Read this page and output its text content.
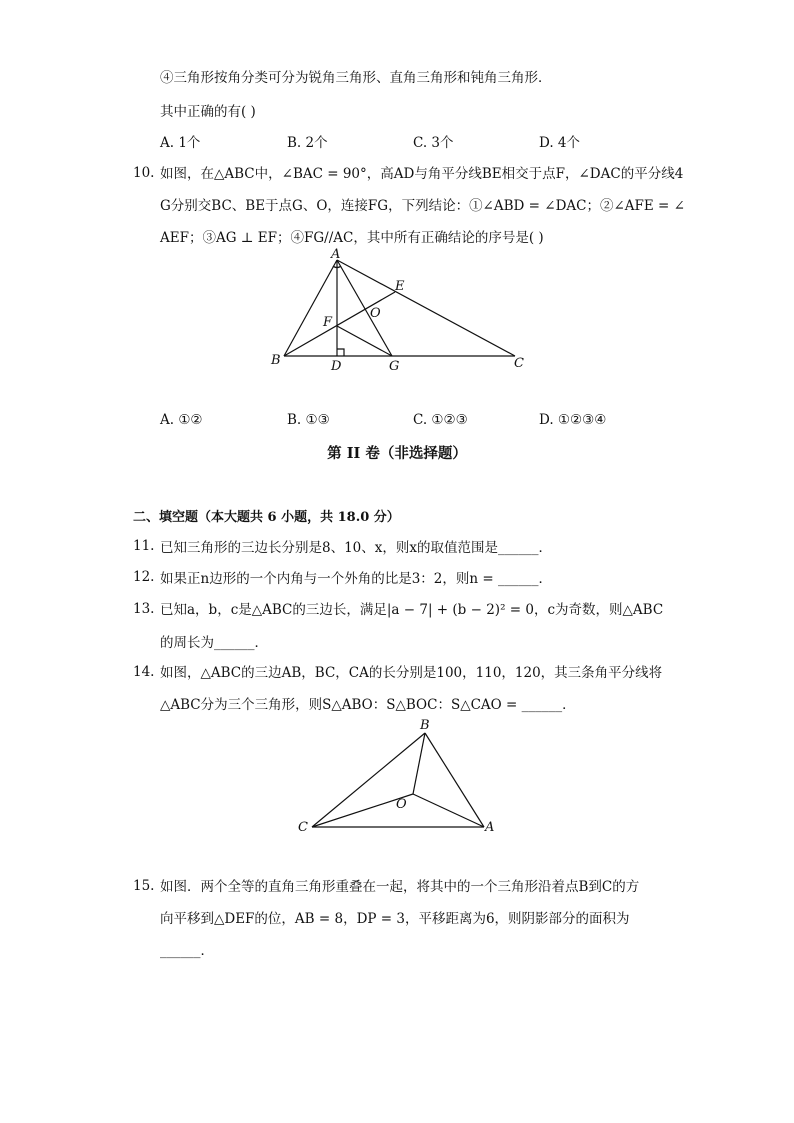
④三角形按角分类可分为锐角三角形、直角三角形和钝角三角形．
其中正确的有( )
A. 1个	B. 2个	C. 3个	D. 4个
10. 如图，在△ABC中，∠BAC = 90°，高AD与角平分线BE相交于点F，∠DAC的平分线4
G分别交BC、BE于点G、O，连接FG，下列结论：①∠ABD = ∠DAC；②∠AFE = ∠
AEF；③AG ⊥ EF；④FG//AC，其中所有正确结论的序号是( )
A
B	C
D
E
F
G
O
A. ①②	B. ①③	C. ①②③	D. ①②③④
第 II 卷（非选择题）
二、填空题（本大题共 6 小题，共 18.0 分）
11. 已知三角形的三边长分别是8、10、x，则x的取值范围是______．
12. 如果正n边形的一个内角与一个外角的比是3：2，则n = ______．
13. 已知a，b，c是△ABC的三边长，满足|a − 7| + (b − 2)² = 0，c为奇数，则△ABC
的周长为______．
14. 如图，△ABC的三边AB，BC，CA的长分别是100，110，120，其三条角平分线将
△ABC分为三个三角形，则S△ABO：S△BOC：S△CAO = ______．
B
C	A
O
15. 如图．两个全等的直角三角形重叠在一起，将其中的一个三角形沿着点B到C的方
向平移到△DEF的位，AB = 8，DP = 3，平移距离为6，则阴影部分的面积为
______．
